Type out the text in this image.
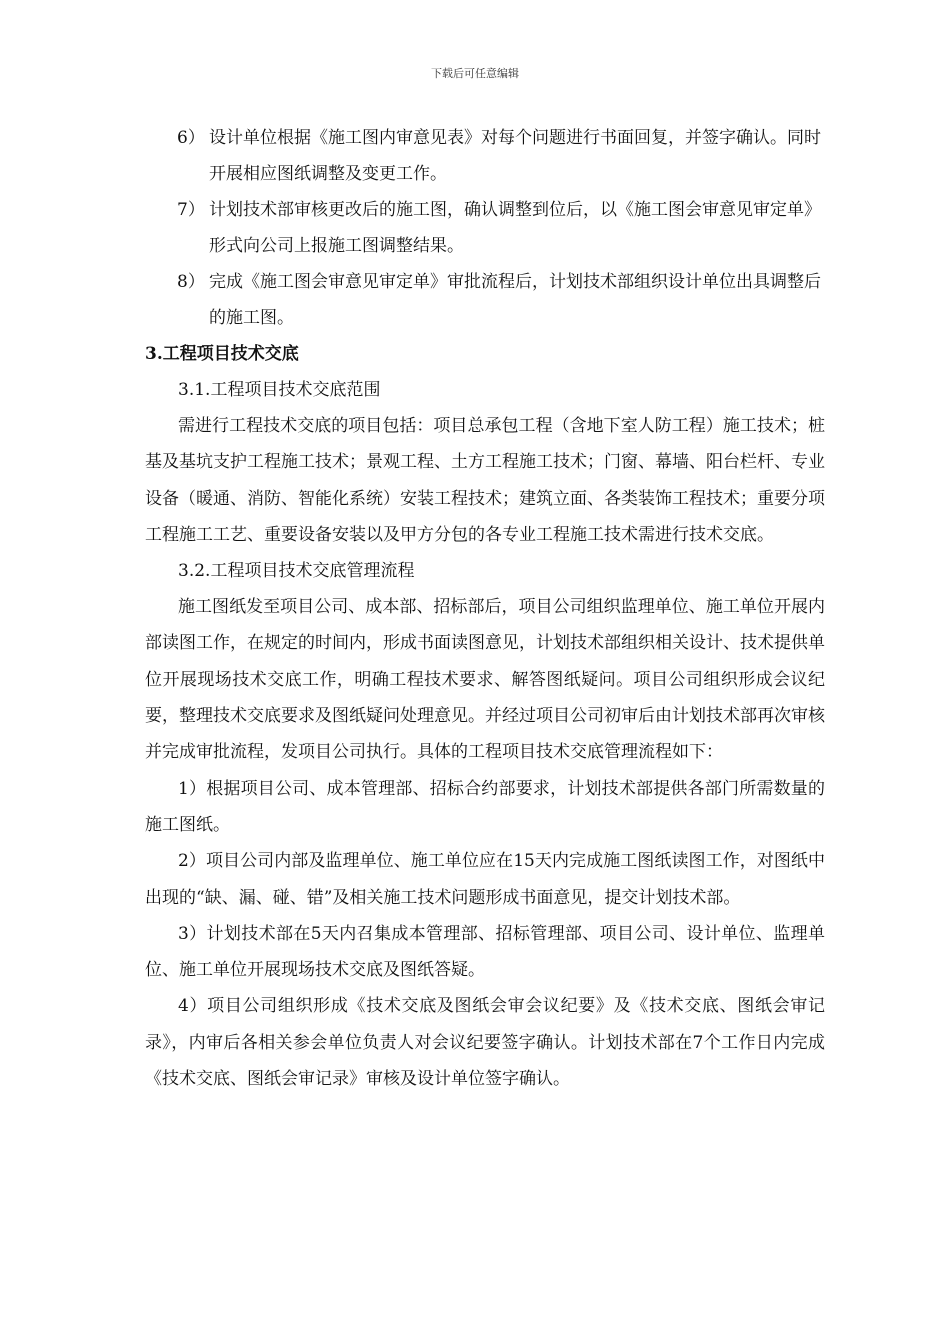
下载后可任意编辑
6） 设计单位根据《施工图内审意见表》对每个问题进行书面回复，并签字确认。同时开展相应图纸调整及变更工作。
7） 计划技术部审核更改后的施工图，确认调整到位后，以《施工图会审意见审定单》形式向公司上报施工图调整结果。
8） 完成《施工图会审意见审定单》审批流程后，计划技术部组织设计单位出具调整后的施工图。
3.工程项目技术交底
3.1.工程项目技术交底范围

需进行工程技术交底的项目包括：项目总承包工程（含地下室人防工程）施工技术；桩基及基坑支护工程施工技术；景观工程、土方工程施工技术；门窗、幕墙、阳台栏杆、专业设备（暖通、消防、智能化系统）安装工程技术；建筑立面、各类装饰工程技术；重要分项工程施工工艺、重要设备安装以及甲方分包的各专业工程施工技术需进行技术交底。

3.2.工程项目技术交底管理流程

施工图纸发至项目公司、成本部、招标部后，项目公司组织监理单位、施工单位开展内部读图工作，在规定的时间内，形成书面读图意见，计划技术部组织相关设计、技术提供单位开展现场技术交底工作，明确工程技术要求、解答图纸疑问。项目公司组织形成会议纪要，整理技术交底要求及图纸疑问处理意见。并经过项目公司初审后由计划技术部再次审核并完成审批流程，发项目公司执行。具体的工程项目技术交底管理流程如下：

1）根据项目公司、成本管理部、招标合约部要求，计划技术部提供各部门所需数量的施工图纸。

2）项目公司内部及监理单位、施工单位应在15天内完成施工图纸读图工作，对图纸中出现的“缺、漏、碰、错”及相关施工技术问题形成书面意见，提交计划技术部。

3）计划技术部在5天内召集成本管理部、招标管理部、项目公司、设计单位、监理单位、施工单位开展现场技术交底及图纸答疑。

4）项目公司组织形成《技术交底及图纸会审会议纪要》及《技术交底、图纸会审记录》，内审后各相关参会单位负责人对会议纪要签字确认。计划技术部在7个工作日内完成《技术交底、图纸会审记录》审核及设计单位签字确认。
